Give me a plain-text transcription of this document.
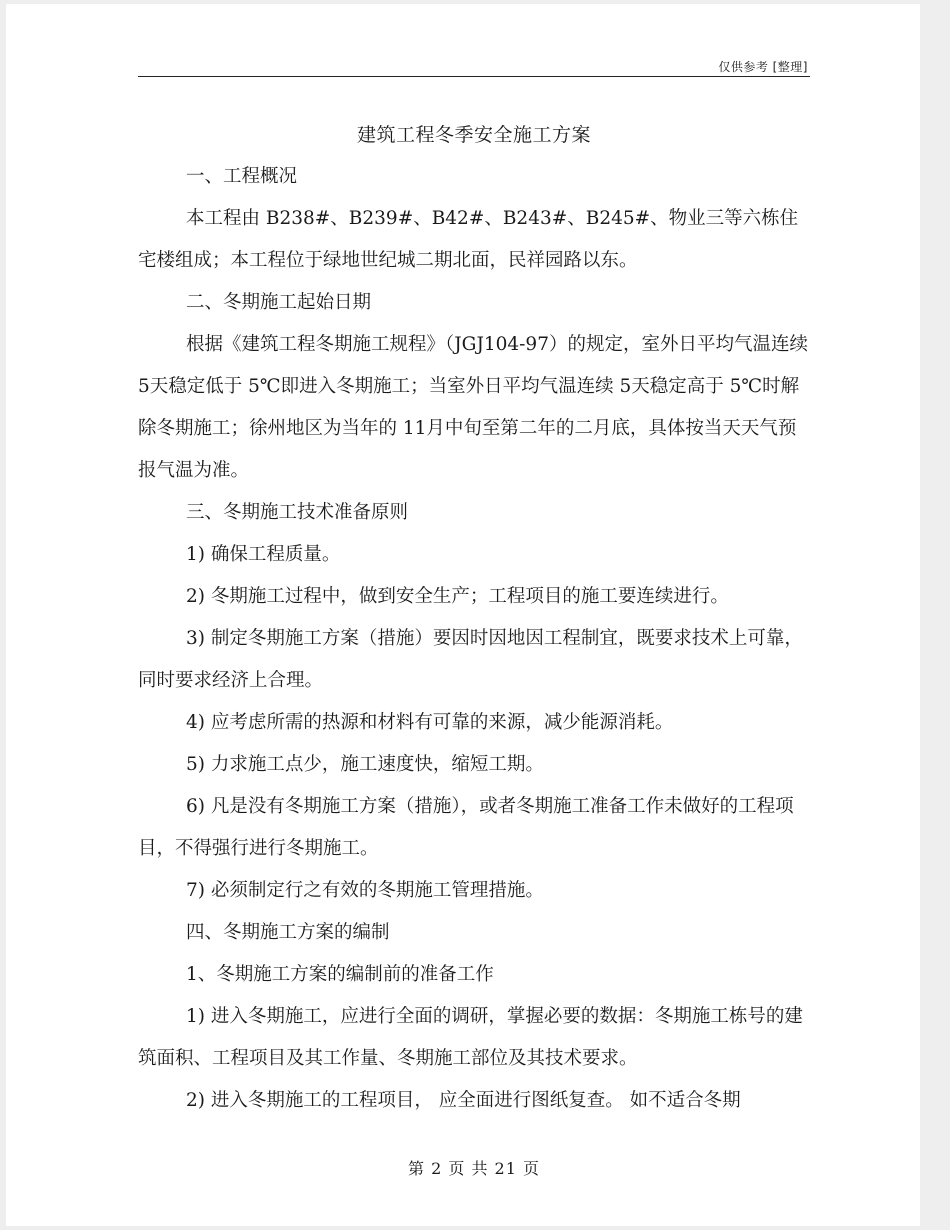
仅供参考 [整理]
建筑工程冬季安全施工方案

一、工程概况

本工程由 B238#、B239#、B42#、B243#、B245#、物业三等六栋住宅楼组成；本工程位于绿地世纪城二期北面，民祥园路以东。

二、冬期施工起始日期

根据《建筑工程冬期施工规程》（JGJ104-97）的规定，室外日平均气温连续 5天稳定低于 5℃即进入冬期施工；当室外日平均气温连续 5天稳定高于 5℃时解除冬期施工；徐州地区为当年的 11月中旬至第二年的二月底，具体按当天天气预报气温为准。

三、冬期施工技术准备原则

1) 确保工程质量。

2) 冬期施工过程中，做到安全生产；工程项目的施工要连续进行。

3) 制定冬期施工方案（措施）要因时因地因工程制宜，既要求技术上可靠，同时要求经济上合理。

4) 应考虑所需的热源和材料有可靠的来源，减少能源消耗。

5) 力求施工点少，施工速度快，缩短工期。

6) 凡是没有冬期施工方案（措施），或者冬期施工准备工作未做好的工程项目，不得强行进行冬期施工。

7) 必须制定行之有效的冬期施工管理措施。

四、冬期施工方案的编制

1、冬期施工方案的编制前的准备工作

1) 进入冬期施工，应进行全面的调研，掌握必要的数据：冬期施工栋号的建筑面积、工程项目及其工作量、冬期施工部位及其技术要求。

2) 进入冬期施工的工程项目， 应全面进行图纸复查。 如不适合冬期

第 2 页 共 21 页
